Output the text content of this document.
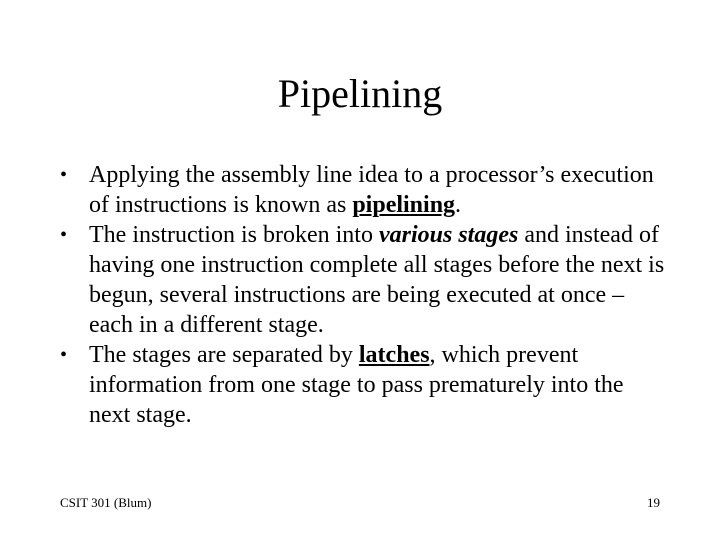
Pipelining
• Applying the assembly line idea to a processor’s execution of instructions is known as pipelining.
• The instruction is broken into various stages and instead of having one instruction complete all stages before the next is begun, several instructions are being executed at once – each in a different stage.
• The stages are separated by latches, which prevent information from one stage to pass prematurely into the next stage.
CSIT 301 (Blum)	19
